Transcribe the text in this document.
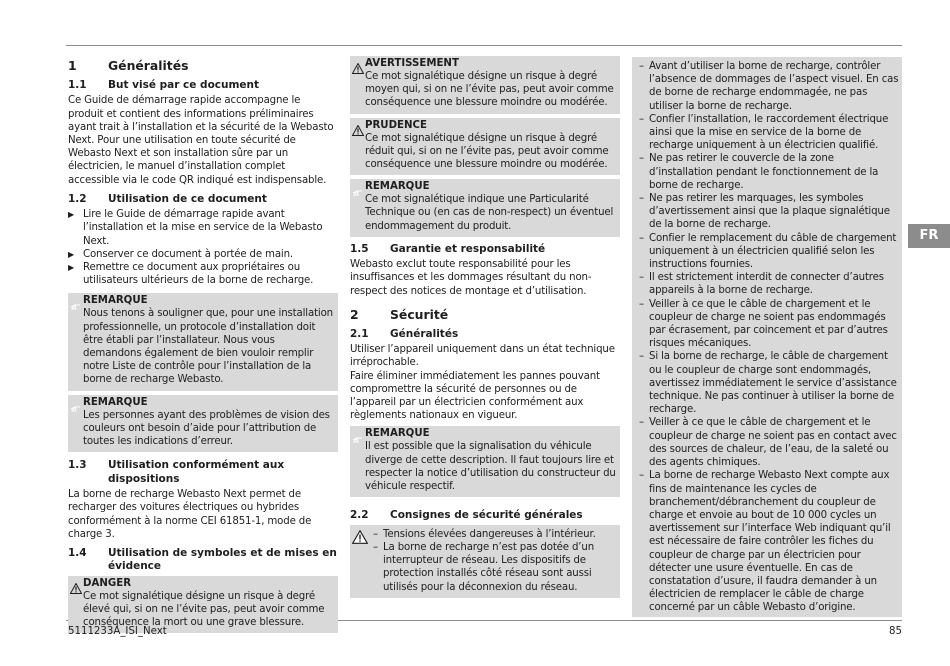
1	Généralités
1.1	But visé par ce document

Ce Guide de démarrage rapide accompagne le produit et contient des informations préliminaires ayant trait à l’installation et la sécurité de la Webasto Next. Pour une utilisation en toute sécurité de Webasto Next et son installation sûre par un électricien, le manuel d’installation complet accessible via le code QR indiqué est indispensable.

1.2	Utilisation de ce document
▶ Lire le Guide de démarrage rapide avant l’installation et la mise en service de la Webasto Next.
▶ Conserver ce document à portée de main.
▶ Remettre ce document aux propriétaires ou utilisateurs ultérieurs de la borne de recharge.
REMARQUE
Nous tenons à souligner que, pour une installation professionnelle, un protocole d’installation doit être établi par l’installateur. Nous vous demandons également de bien vouloir remplir notre Liste de contrôle pour l’installation de la borne de recharge Webasto.
REMARQUE
Les personnes ayant des problèmes de vision des couleurs ont besoin d’aide pour l’attribution de toutes les indications d’erreur.
1.3	Utilisation conformément aux dispositions

La borne de recharge Webasto Next permet de recharger des voitures électriques ou hybrides conformément à la norme CEI 61851-1, mode de charge 3.

1.4	Utilisation de symboles et de mises en évidence
DANGER
Ce mot signalétique désigne un risque à degré élevé qui, si on ne l’évite pas, peut avoir comme conséquence la mort ou une grave blessure.
AVERTISSEMENT
Ce mot signalétique désigne un risque à degré moyen qui, si on ne l’évite pas, peut avoir comme conséquence une blessure moindre ou modérée.
PRUDENCE
Ce mot signalétique désigne un risque à degré réduit qui, si on ne l’évite pas, peut avoir comme conséquence une blessure moindre ou modérée.
REMARQUE
Ce mot signalétique indique une Particularité Technique ou (en cas de non-respect) un éventuel endommagement du produit.
1.5	Garantie et responsabilité

Webasto exclut toute responsabilité pour les insuffisances et les dommages résultant du non-respect des notices de montage et d’utilisation.

2	Sécurité
2.1	Généralités

Utiliser l’appareil uniquement dans un état technique irréprochable.

Faire éliminer immédiatement les pannes pouvant compromettre la sécurité de personnes ou de l’appareil par un électricien conformément aux règlements nationaux en vigueur.

REMARQUE
Il est possible que la signalisation du véhicule diverge de cette description. Il faut toujours lire et respecter la notice d’utilisation du constructeur du véhicule respectif.
2.2	Consignes de sécurité générales
– Tensions élevées dangereuses à l’intérieur.
– La borne de recharge n’est pas dotée d’un interrupteur de réseau. Les dispositifs de protection installés côté réseau sont aussi utilisés pour la déconnexion du réseau.
– Avant d’utiliser la borne de recharge, contrôler l’absence de dommages de l’aspect visuel. En cas de borne de recharge endommagée, ne pas utiliser la borne de recharge.
– Confier l’installation, le raccordement électrique ainsi que la mise en service de la borne de recharge uniquement à un électricien qualifié.
– Ne pas retirer le couvercle de la zone d’installation pendant le fonctionnement de la borne de recharge.
– Ne pas retirer les marquages, les symboles d’avertissement ainsi que la plaque signalétique de la borne de recharge.
– Confier le remplacement du câble de chargement uniquement à un électricien qualifié selon les instructions fournies.
– Il est strictement interdit de connecter d’autres appareils à la borne de recharge.
– Veiller à ce que le câble de chargement et le coupleur de charge ne soient pas endommagés par écrasement, par coincement et par d’autres risques mécaniques.
– Si la borne de recharge, le câble de chargement ou le coupleur de charge sont endommagés, avertissez immédiatement le service d’assistance technique. Ne pas continuer à utiliser la borne de recharge.
– Veiller à ce que le câble de chargement et le coupleur de charge ne soient pas en contact avec des sources de chaleur, de l’eau, de la saleté ou des agents chimiques.
– La borne de recharge Webasto Next compte aux fins de maintenance les cycles de branchement/débranchement du coupleur de charge et envoie au bout de 10 000 cycles un avertissement sur l’interface Web indiquant qu’il est nécessaire de faire contrôler les fiches du coupleur de charge par un électricien pour détecter une usure éventuelle. En cas de constatation d’usure, il faudra demander à un électricien de remplacer le câble de charge concerné par un câble Webasto d’origine.
FR
5111233A_ISI_Next	85
